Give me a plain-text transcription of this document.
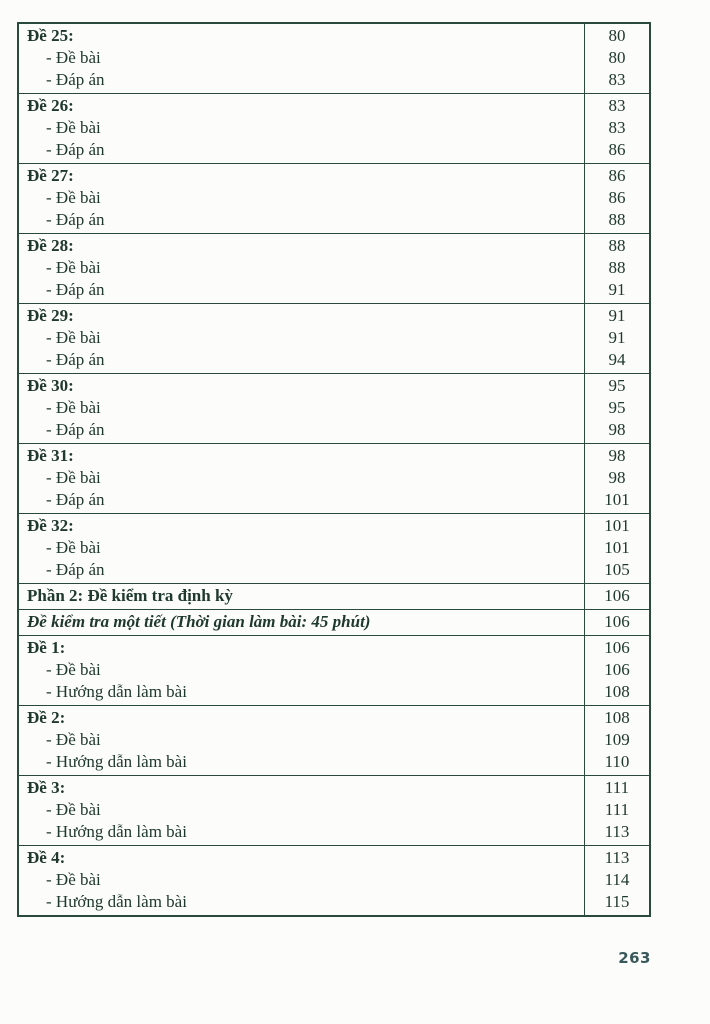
Đề 25:
- Đề bài
- Đáp án
80
80
83
Đề 26:
- Đề bài
- Đáp án
83
83
86
Đề 27:
- Đề bài
- Đáp án
86
86
88
Đề 28:
- Đề bài
- Đáp án
88
88
91
Đề 29:
- Đề bài
- Đáp án
91
91
94
Đề 30:
- Đề bài
- Đáp án
95
95
98
Đề 31:
- Đề bài
- Đáp án
98
98
101
Đề 32:
- Đề bài
- Đáp án
101
101
105
Phần 2: Đề kiểm tra định kỳ	106
Đề kiểm tra một tiết (Thời gian làm bài: 45 phút)	106
Đề 1:
- Đề bài
- Hướng dẫn làm bài
106
106
108
Đề 2:
- Đề bài
- Hướng dẫn làm bài
108
109
110
Đề 3:
- Đề bài
- Hướng dẫn làm bài
111
111
113
Đề 4:
- Đề bài
- Hướng dẫn làm bài
113
114
115
263
